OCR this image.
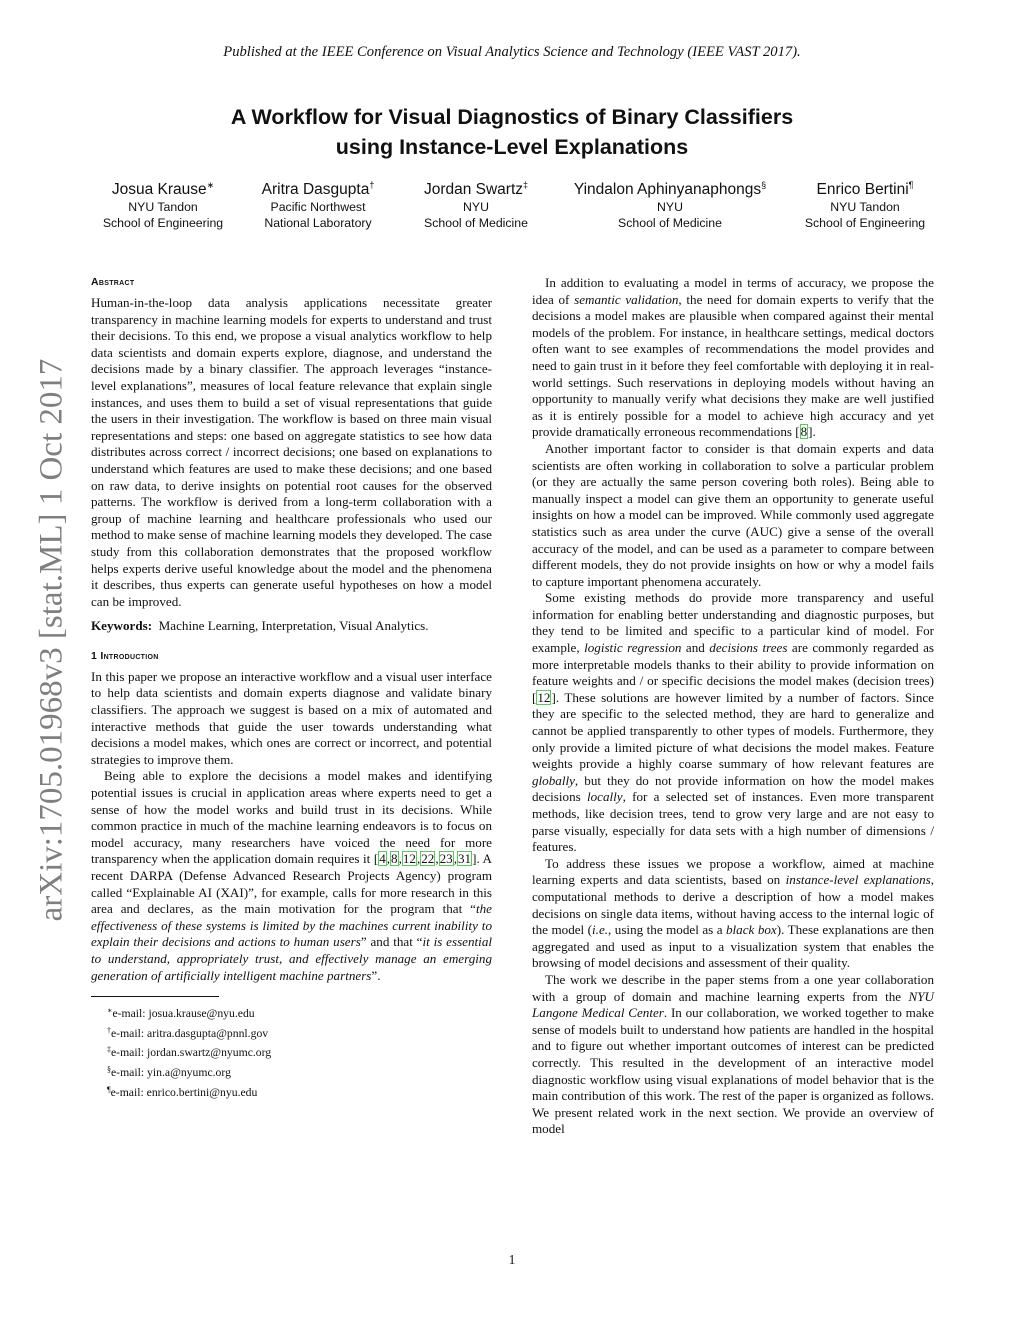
Published at the IEEE Conference on Visual Analytics Science and Technology (IEEE VAST 2017).
A Workflow for Visual Diagnostics of Binary Classifiers
using Instance-Level Explanations
Josua Krause∗
NYU Tandon
School of Engineering
Aritra Dasgupta†
Pacific Northwest
National Laboratory
Jordan Swartz‡
NYU
School of Medicine
Yindalon Aphinyanaphongs§
NYU
School of Medicine
Enrico Bertini¶
NYU Tandon
School of Engineering
arXiv:1705.01968v3 [stat.ML] 1 Oct 2017
Abstract

Human-in-the-loop data analysis applications necessitate greater transparency in machine learning models for experts to understand and trust their decisions. To this end, we propose a visual analytics workflow to help data scientists and domain experts explore, diagnose, and understand the decisions made by a binary classifier. The approach leverages “instance-level explanations”, measures of local feature relevance that explain single instances, and uses them to build a set of visual representations that guide the users in their investigation. The workflow is based on three main visual representations and steps: one based on aggregate statistics to see how data distributes across correct / incorrect decisions; one based on explanations to understand which features are used to make these decisions; and one based on raw data, to derive insights on potential root causes for the observed patterns. The workflow is derived from a long-term collaboration with a group of machine learning and healthcare professionals who used our method to make sense of machine learning models they developed. The case study from this collaboration demonstrates that the proposed workflow helps experts derive useful knowledge about the model and the phenomena it describes, thus experts can generate useful hypotheses on how a model can be improved.

Keywords: Machine Learning, Interpretation, Visual Analytics.

1 Introduction

In this paper we propose an interactive workflow and a visual user interface to help data scientists and domain experts diagnose and validate binary classifiers. The approach we suggest is based on a mix of automated and interactive methods that guide the user towards understanding what decisions a model makes, which ones are correct or incorrect, and potential strategies to improve them.

Being able to explore the decisions a model makes and identifying potential issues is crucial in application areas where experts need to get a sense of how the model works and build trust in its decisions. While common practice in much of the machine learning endeavors is to focus on model accuracy, many researchers have voiced the need for more transparency when the application domain requires it [4,8,12,22,23,31]. A recent DARPA (Defense Advanced Research Projects Agency) program called “Explainable AI (XAI)”, for example, calls for more research in this area and declares, as the main motivation for the program that “the effectiveness of these systems is limited by the machines current inability to explain their decisions and actions to human users” and that “it is essential to understand, appropriately trust, and effectively manage an emerging generation of artificially intelligent machine partners”.

∗e-mail: josua.krause@nyu.edu
†e-mail: aritra.dasgupta@pnnl.gov
‡e-mail: jordan.swartz@nyumc.org
§e-mail: yin.a@nyumc.org
¶e-mail: enrico.bertini@nyu.edu

In addition to evaluating a model in terms of accuracy, we propose the idea of semantic validation, the need for domain experts to verify that the decisions a model makes are plausible when compared against their mental models of the problem. For instance, in healthcare settings, medical doctors often want to see examples of recommendations the model provides and need to gain trust in it before they feel comfortable with deploying it in real-world settings. Such reservations in deploying models without having an opportunity to manually verify what decisions they make are well justified as it is entirely possible for a model to achieve high accuracy and yet provide dramatically erroneous recommendations [8].

Another important factor to consider is that domain experts and data scientists are often working in collaboration to solve a particular problem (or they are actually the same person covering both roles). Being able to manually inspect a model can give them an opportunity to generate useful insights on how a model can be improved. While commonly used aggregate statistics such as area under the curve (AUC) give a sense of the overall accuracy of the model, and can be used as a parameter to compare between different models, they do not provide insights on how or why a model fails to capture important phenomena accurately.

Some existing methods do provide more transparency and useful information for enabling better understanding and diagnostic purposes, but they tend to be limited and specific to a particular kind of model. For example, logistic regression and decisions trees are commonly regarded as more interpretable models thanks to their ability to provide information on feature weights and / or specific decisions the model makes (decision trees) [12]. These solutions are however limited by a number of factors. Since they are specific to the selected method, they are hard to generalize and cannot be applied transparently to other types of models. Furthermore, they only provide a limited picture of what decisions the model makes. Feature weights provide a highly coarse summary of how relevant features are globally, but they do not provide information on how the model makes decisions locally, for a selected set of instances. Even more transparent methods, like decision trees, tend to grow very large and are not easy to parse visually, especially for data sets with a high number of dimensions / features.

To address these issues we propose a workflow, aimed at machine learning experts and data scientists, based on instance-level explanations, computational methods to derive a description of how a model makes decisions on single data items, without having access to the internal logic of the model (i.e., using the model as a black box). These explanations are then aggregated and used as input to a visualization system that enables the browsing of model decisions and assessment of their quality.

The work we describe in the paper stems from a one year collaboration with a group of domain and machine learning experts from the NYU Langone Medical Center. In our collaboration, we worked together to make sense of models built to understand how patients are handled in the hospital and to figure out whether important outcomes of interest can be predicted correctly. This resulted in the development of an interactive model diagnostic workflow using visual explanations of model behavior that is the main contribution of this work. The rest of the paper is organized as follows. We present related work in the next section. We provide an overview of model

1
